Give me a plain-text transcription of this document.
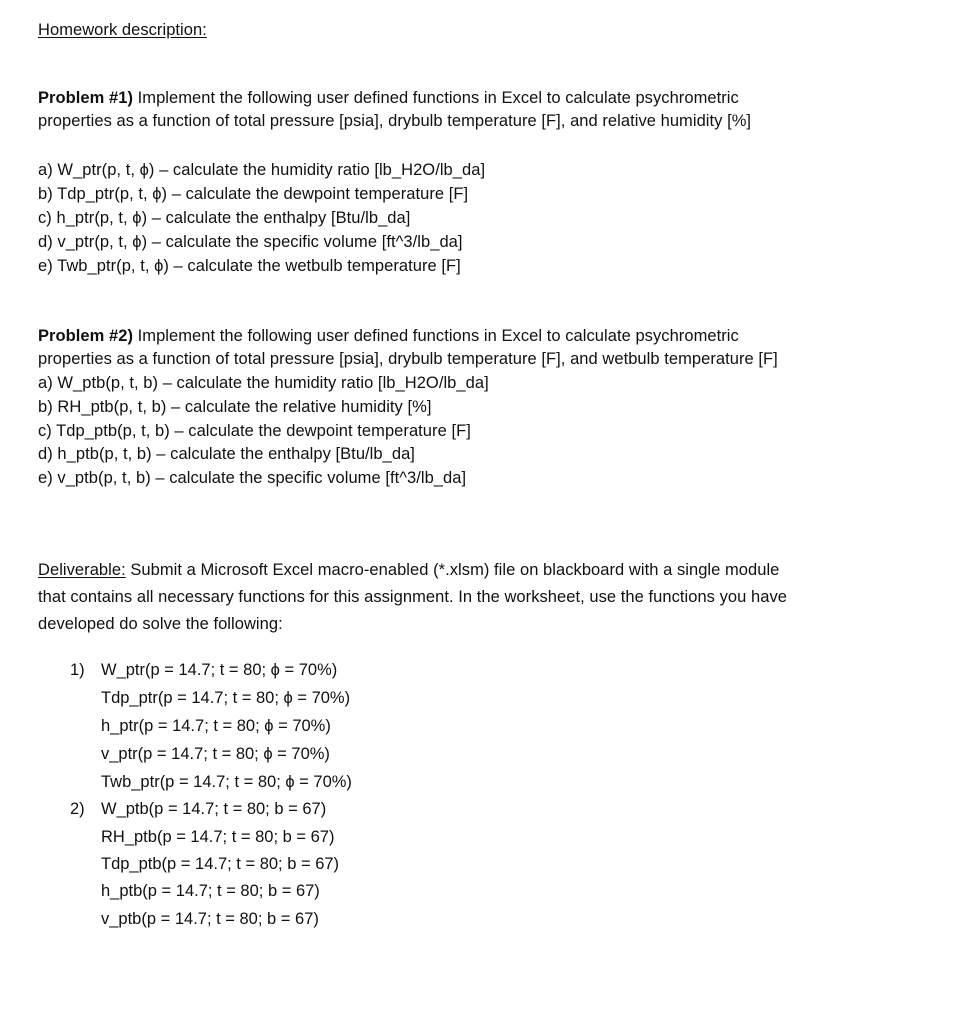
Homework description:
Problem #1) Implement the following user defined functions in Excel to calculate psychrometric
properties as a function of total pressure [psia], drybulb temperature [F], and relative humidity [%]
a) W_ptr(p, t, ϕ) – calculate the humidity ratio [lb_H2O/lb_da]
b) Tdp_ptr(p, t, ϕ) – calculate the dewpoint temperature [F]
c) h_ptr(p, t, ϕ) – calculate the enthalpy [Btu/lb_da]
d) v_ptr(p, t, ϕ) – calculate the specific volume [ft^3/lb_da]
e) Twb_ptr(p, t, ϕ) – calculate the wetbulb temperature [F]
Problem #2) Implement the following user defined functions in Excel to calculate psychrometric
properties as a function of total pressure [psia], drybulb temperature [F], and wetbulb temperature [F]
a) W_ptb(p, t, b) – calculate the humidity ratio [lb_H2O/lb_da]
b) RH_ptb(p, t, b) – calculate the relative humidity [%]
c) Tdp_ptb(p, t, b) – calculate the dewpoint temperature [F]
d) h_ptb(p, t, b) – calculate the enthalpy [Btu/lb_da]
e) v_ptb(p, t, b) – calculate the specific volume [ft^3/lb_da]
Deliverable: Submit a Microsoft Excel macro-enabled (*.xlsm) file on blackboard with a single module
that contains all necessary functions for this assignment. In the worksheet, use the functions you have
developed do solve the following:
1) W_ptr(p = 14.7; t = 80; ϕ = 70%)
Tdp_ptr(p = 14.7; t = 80; ϕ = 70%)
h_ptr(p = 14.7; t = 80; ϕ = 70%)
v_ptr(p = 14.7; t = 80; ϕ = 70%)
Twb_ptr(p = 14.7; t = 80; ϕ = 70%)
2) W_ptb(p = 14.7; t = 80; b = 67)
RH_ptb(p = 14.7; t = 80; b = 67)
Tdp_ptb(p = 14.7; t = 80; b = 67)
h_ptb(p = 14.7; t = 80; b = 67)
v_ptb(p = 14.7; t = 80; b = 67)
